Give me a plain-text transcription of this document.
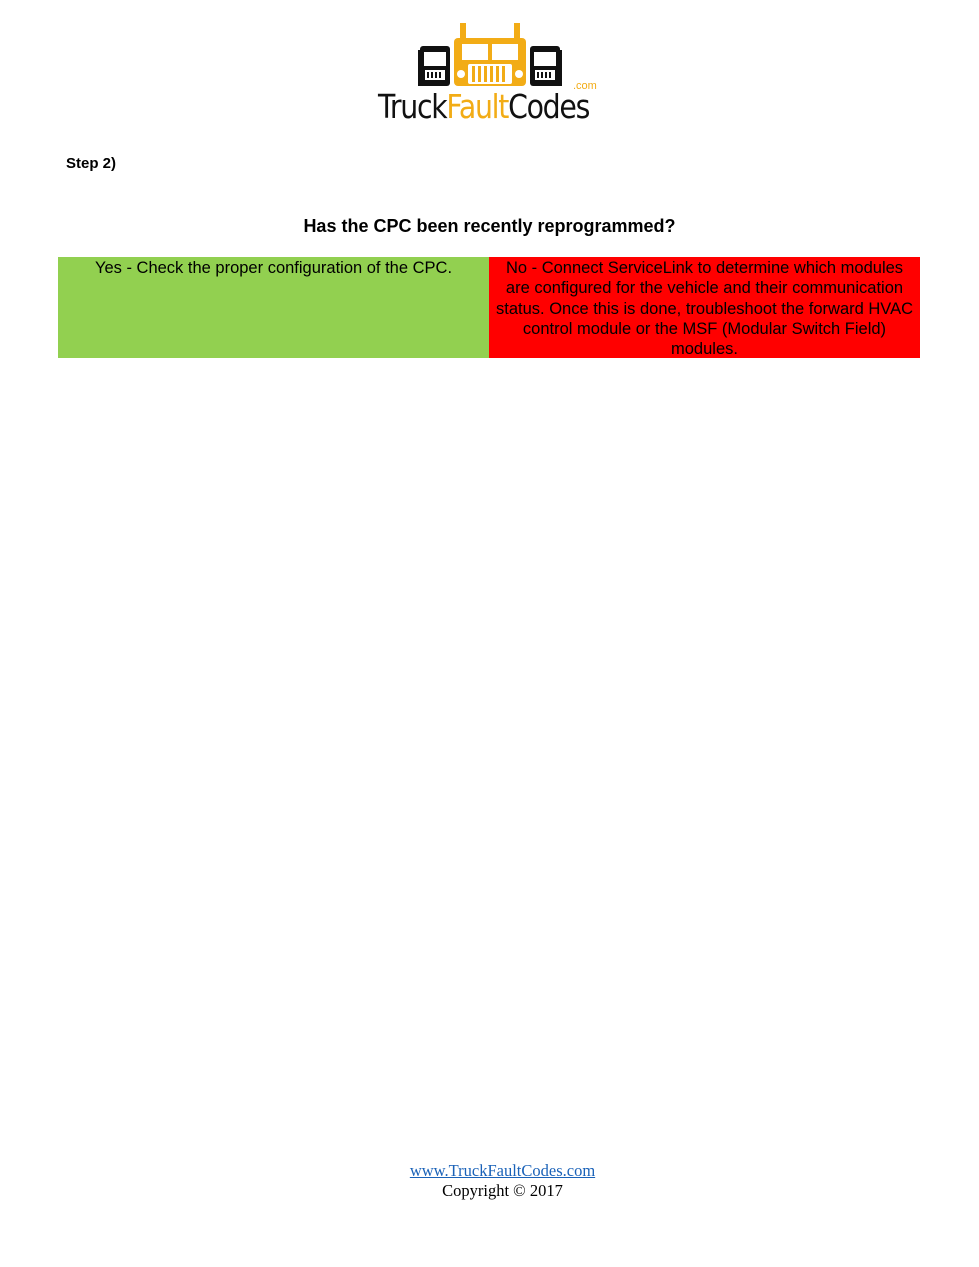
.com
TruckFaultCodes
Step 2)
Has the CPC been recently reprogrammed?
Yes - Check the proper configuration of the CPC.	No - Connect ServiceLink to determine which modules are configured for the vehicle and their communication status. Once this is done, troubleshoot the forward HVAC control module or the MSF (Modular Switch Field) modules.
www.TruckFaultCodes.com
Copyright © 2017
